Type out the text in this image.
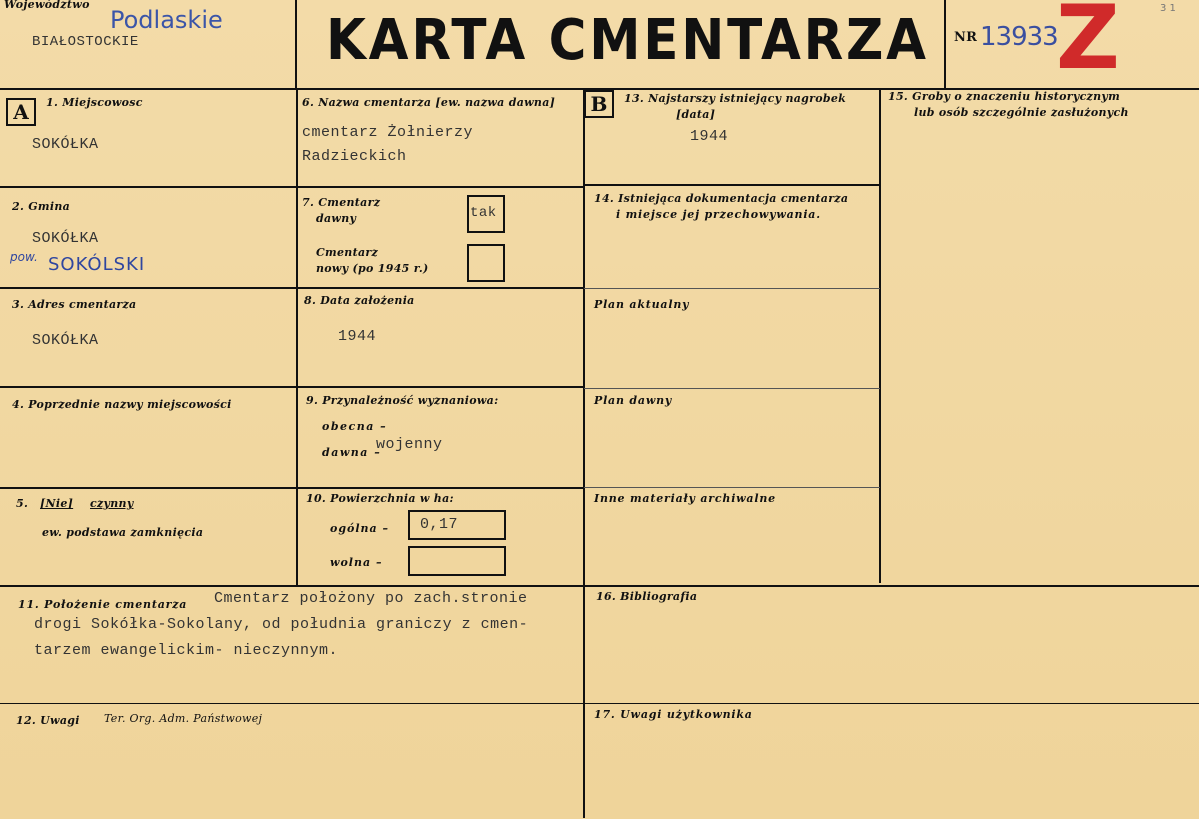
Województwo
Podlaskie
BIAŁOSTOCKIE	KARTA CMENTARZA NR 13933
Z	3 1
A	1. Miejscowosc
SOKÓŁKA
2. Gmina
SOKÓŁKA
pow. SOKÓLSKI
3. Adres cmentarza
SOKÓŁKA
4. Poprzednie nazwy miejscowości
5. [Nie] czynny
ew. podstawa zamknięcia
6. Nazwa cmentarza [ew. nazwa dawna]
cmentarz Żołnierzy
Radzieckich
7. Cmentarz
dawny	tak
Cmentarz
nowy (po 1945 r.)
8. Data założenia
1944
9. Przynależność wyznaniowa:
obecna –
dawna –
wojenny
10. Powierzchnia w ha:
ogólna – 0,17
wolna –
B	13. Najstarszy istniejący nagrobek
[data]
1944
14. Istniejąca dokumentacja cmentarza
i miejsce jej przechowywania.
Plan aktualny
Plan dawny
Inne materiały archiwalne
15. Groby o znaczeniu historycznym
lub osób szczególnie zasłużonych
11. Położenie cmentarza Cmentarz położony po zach.stronie
drogi Sokółka-Sokolany, od południa graniczy z cmen-
tarzem ewangelickim- nieczynnym.
16. Bibliografia
12. Uwagi Ter. Org. Adm. Państwowej	17. Uwagi użytkownika
